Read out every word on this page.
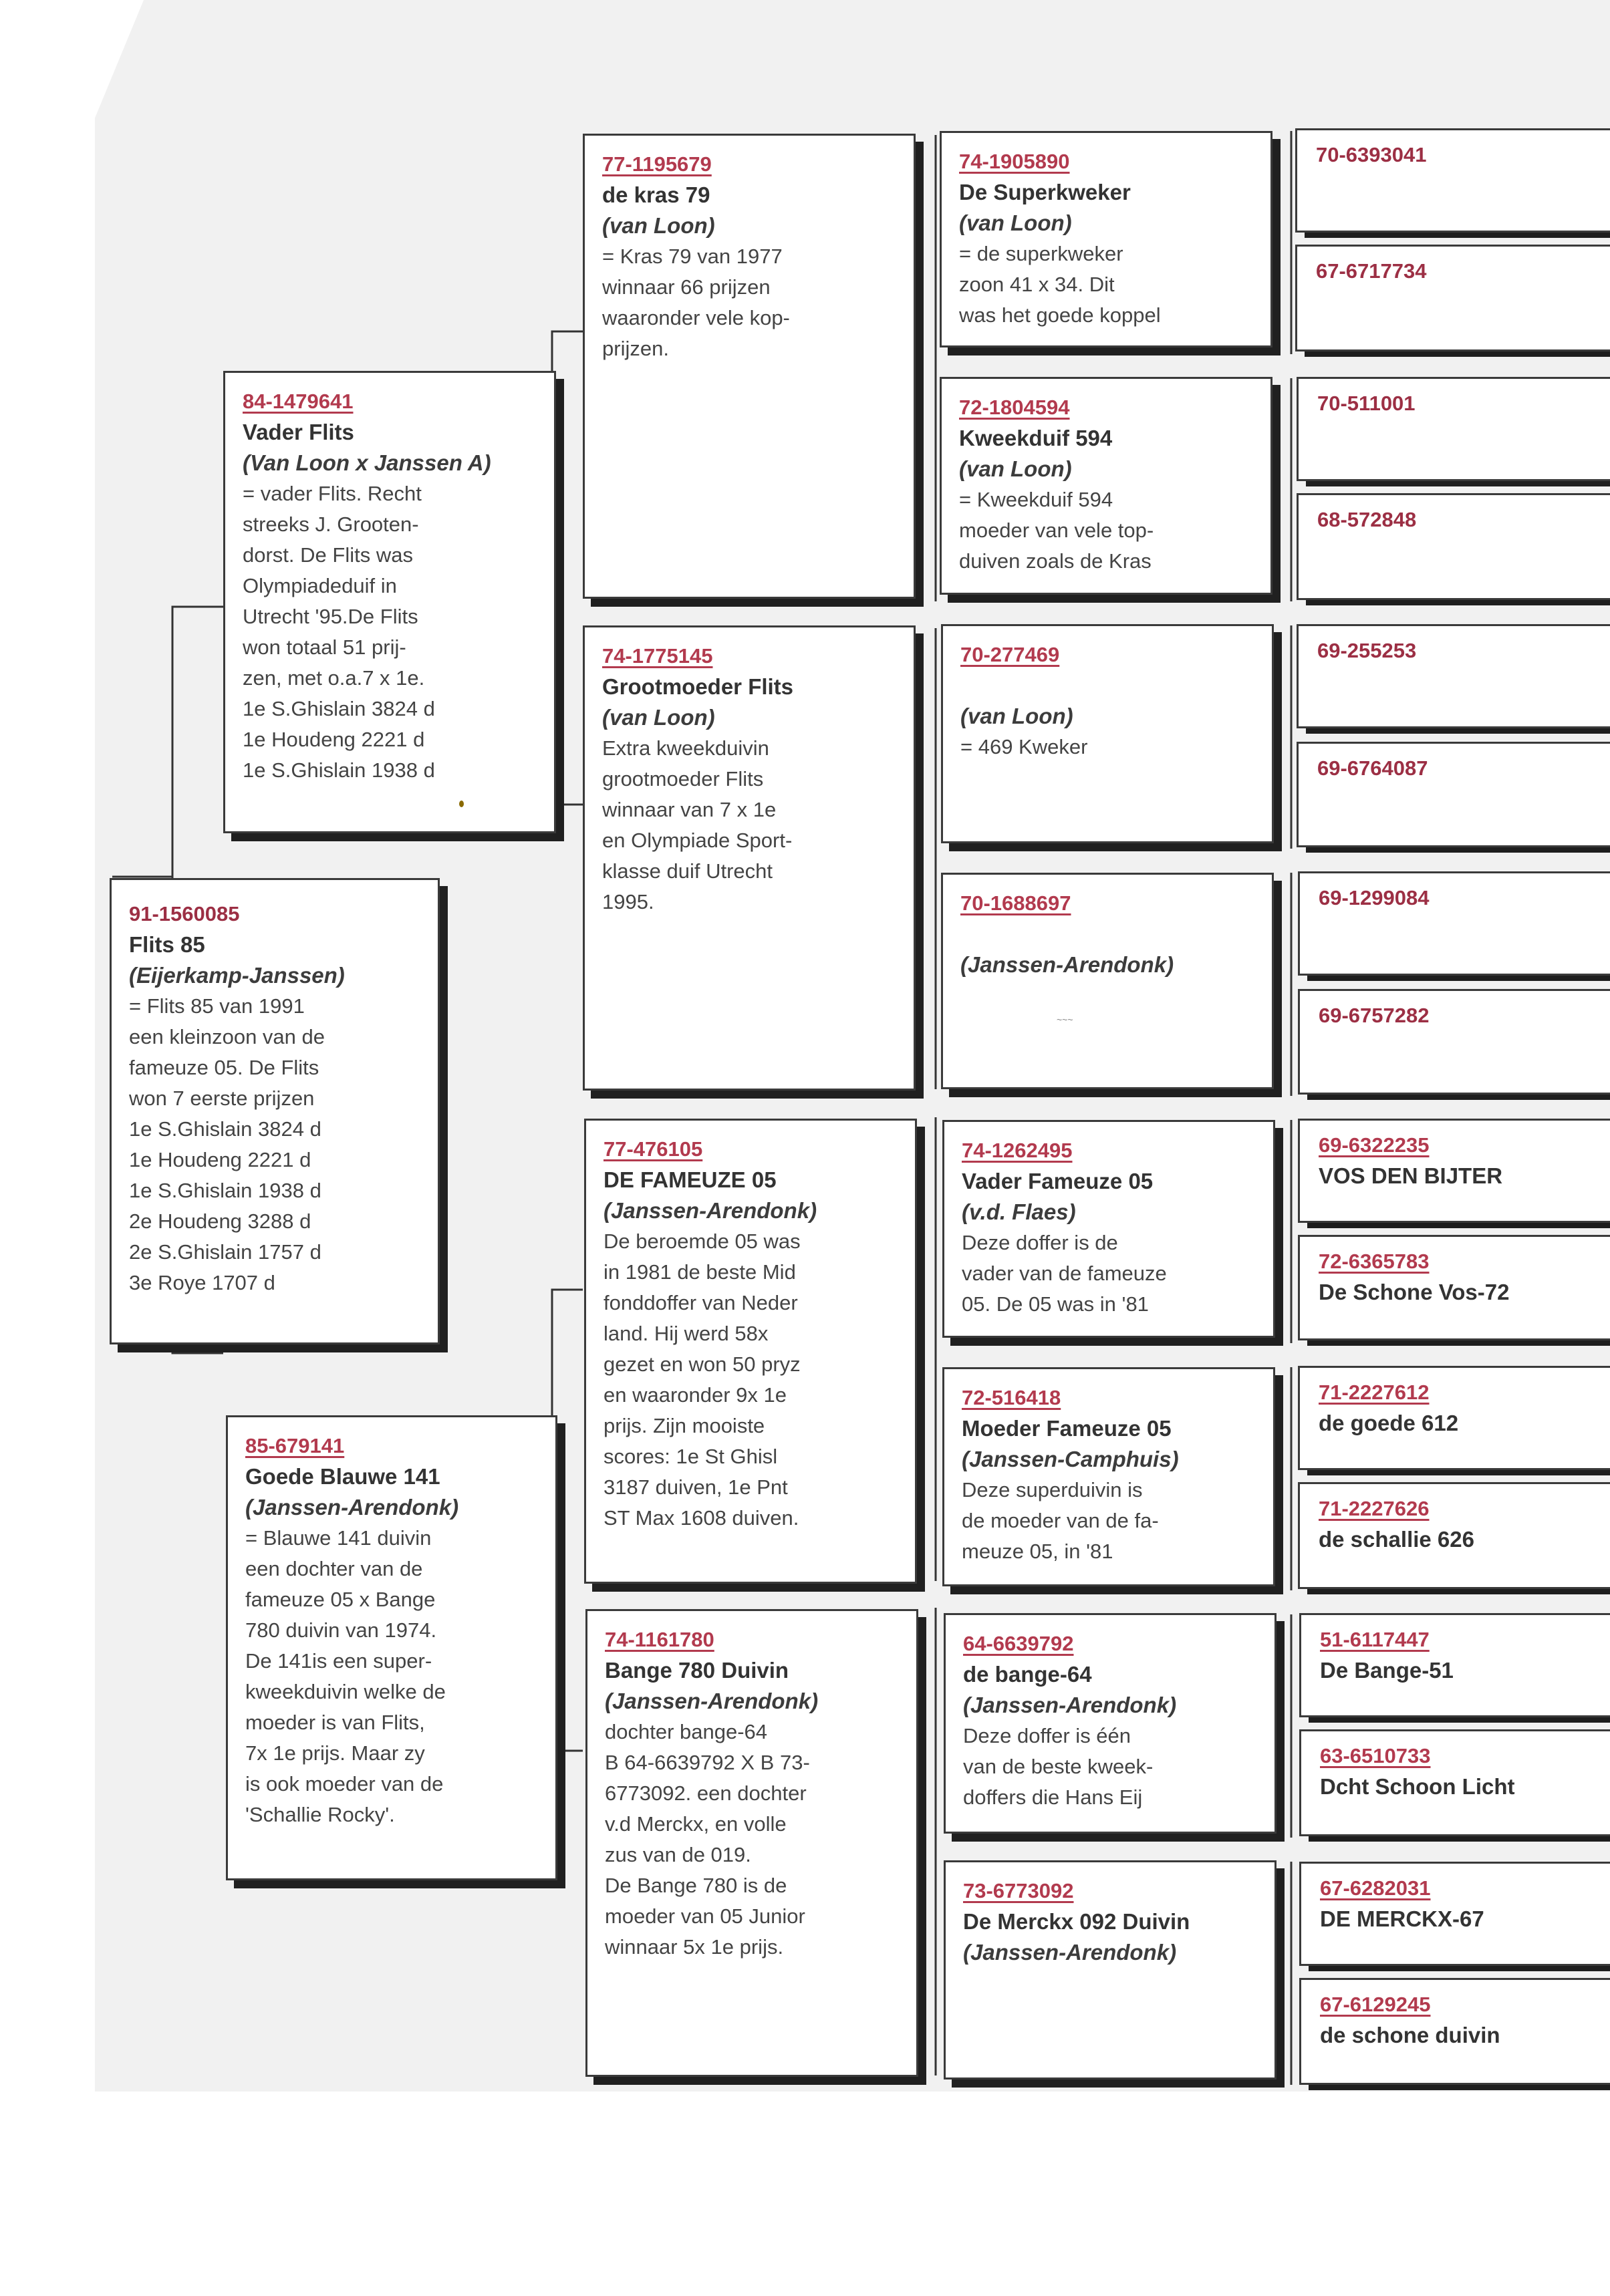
91-1560085
Flits 85
(Eijerkamp-Janssen)
= Flits 85 van 1991
een kleinzoon van de
fameuze 05. De Flits
won 7 eerste prijzen
1e S.Ghislain 3824 d
1e Houdeng 2221 d
1e S.Ghislain 1938 d
2e Houdeng 3288 d
2e S.Ghislain 1757 d
3e Roye 1707 d
84-1479641
Vader Flits
(Van Loon x Janssen A)
= vader Flits. Recht
streeks J. Grooten-
dorst. De Flits was
Olympiadeduif in
Utrecht '95.De Flits
won totaal 51 prij-
zen, met o.a.7 x 1e.
1e S.Ghislain 3824 d
1e Houdeng 2221 d
1e S.Ghislain 1938 d
85-679141
Goede Blauwe 141
(Janssen-Arendonk)
= Blauwe 141 duivin
een dochter van de
fameuze 05 x Bange
780 duivin van 1974.
De 141is een super-
kweekduivin welke de
moeder is van Flits,
7x 1e prijs. Maar zy
is ook moeder van de
'Schallie Rocky'.
77-1195679
de kras 79
(van Loon)
= Kras 79 van 1977
winnaar 66 prijzen
waaronder vele kop-
prijzen.
74-1775145
Grootmoeder Flits
(van Loon)
Extra kweekduivin
grootmoeder Flits
winnaar van 7 x 1e
en Olympiade Sport-
klasse duif Utrecht
1995.
77-476105
DE FAMEUZE 05
(Janssen-Arendonk)
De beroemde 05 was
in 1981 de beste Mid
fonddoffer van Neder
land. Hij werd 58x
gezet en won 50 pryz
en waaronder 9x 1e
prijs. Zijn mooiste
scores: 1e St Ghisl
3187 duiven, 1e Pnt
ST Max 1608 duiven.
74-1161780
Bange 780 Duivin
(Janssen-Arendonk)
dochter bange-64
B 64-6639792 X B 73-
6773092. een dochter
v.d Merckx, en volle
zus van de 019.
De Bange 780 is de
moeder van 05 Junior
winnaar 5x 1e prijs.
74-1905890
De Superkweker
(van Loon)
= de superkweker
zoon 41 x 34. Dit
was het goede koppel
72-1804594
Kweekduif 594
(van Loon)
= Kweekduif 594
moeder van vele top-
duiven zoals de Kras
70-277469
(van Loon)
= 469 Kweker
70-1688697
(Janssen-Arendonk)
~~~
74-1262495
Vader Fameuze 05
(v.d. Flaes)
Deze doffer is de
vader van de fameuze
05. De 05 was in '81
72-516418
Moeder Fameuze 05
(Janssen-Camphuis)
Deze superduivin is
de moeder van de fa-
meuze 05, in '81
64-6639792
de bange-64
(Janssen-Arendonk)
Deze doffer is één
van de beste kweek-
doffers die Hans Eij
73-6773092
De Merckx 092 Duivin
(Janssen-Arendonk)
70-6393041
67-6717734
70-511001
68-572848
69-255253
69-6764087
69-1299084
69-6757282
69-6322235
VOS DEN BIJTER
72-6365783
De Schone Vos-72
71-2227612
de goede 612
71-2227626
de schallie 626
51-6117447
De Bange-51
63-6510733
Dcht Schoon Licht
67-6282031
DE MERCKX-67
67-6129245
de schone duivin
